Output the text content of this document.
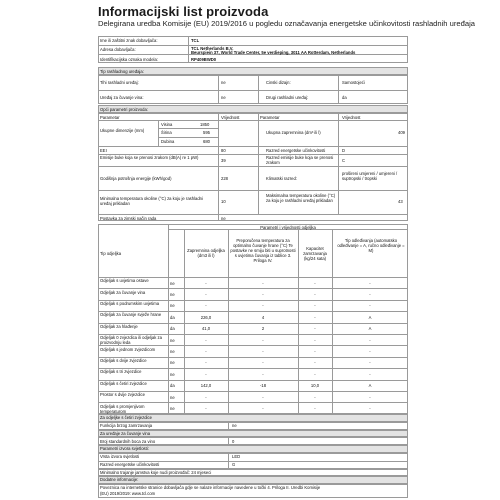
Informacijski list proizvoda
Delegirana uredba Komisije (EU) 2019/2016 u pogledu označavanja energetske učinkovitosti rashladnih uređaja
Ime ili zaštitni znak dobavljača:	TCL
Adresa dobavljača:	TCL Netherlands B.V.
Beurspiein 37, World Trade Center, 5e verdieping, 3011 AA Rotterdam, Netherlands
Identifikacijska oznaka modela:	RP409BWD0
Tip rashladnog uređaja:
Tihi rashladni uređaj:	ne	Cinski dizajn:	Samostojeći
Uređaj za čuvanje vina:	ne	Drugi rashladni uređaj:	da
Opći parametri proizvoda:
Parametar	Vrijednost	Parametar	Vrijednost
Ukupne dimenzije (mm)
Visina	1850
Širina	595
Dubina	680
Ukupna zapremnina (dm³ ili l)	409
EEI	80	Razred energetske učinkovitosti	D
Emisije buke koja se prenosi zrakom (dB(A) re 1 pW)
39
Razred emisije buke koja se prenosi zrakom	C
Godišnja potrošnja energije (kWh/god)	228	Klimatski razred:
prošireni umjereni / umjereni / suptropski / tropski
Minimalna temperatura okoline (°C) za koju je rashladni uređaj prikladan	10
Maksimalna temperatura okoline (°C) za koju je rashladni uređaj prikladan	43
Postavka za zimski način rada	ne
Parametri i vrijednosti odjeljka
Tip odjeljka
Zapremnina odjeljka (dm3 ili l)
Preporučena temperatura za optimalno čuvanje hrane (°C) Te postavke ne smiju biti u suprotnosti s uvjetima čuvanja iz tablice 3. Priloga IV.
Kapacitet zamrzavanja (kg/24 sata)
Tip odleđivanja (automatsko odleđivanje = A, ručno odleđivanje = M)
Odjeljak s uvjetima ostave	ne	-	-	-	-
Odjeljak za čuvanje vina	ne	-	-	-	-
Odjeljak s podrumskim uvjetima	ne	-	-	-	-
Odjeljak za čuvanje svježe hrane	da	226,0	4	-	A
Odjeljak za hlađenje	da	41,0	2	-	A
Odjeljak 0 zvjezdica ili odjeljak za proizvodnju leda
ne	-	-	-	-
Odjeljak s jednom zvjezdicom	ne	-	-	-	-
Odjeljak s dvije zvjezdice	ne	-	-	-	-
Odjeljak s tri zvjezdice	ne	-	-	-	-
Odjeljak s četiri zvjezdice	da	142,0	-18	10,0	A
Prostor s dvije zvjezdice	ne	-	-	-	-
Odjeljak s promjenjivom temperaturom
ne	-	-	-	-
Za odjeljke s četiri zvjezdice
Funkcija brzog zamrzavanja	ne
Za uređaje za čuvanje vina
Broj standardnih boca za vino	0
Parametri izvora svjetlosti:
Vrsta izvora svjetlosti	LED
Razred energetske učinkovitosti	G
Minimalno trajanje jamstva koje nudi proizvođač: 24 mjeseci
Dodatne informacije:
Poveznica na internetske stranice dobavljača gdje se nalaze informacije navedene u točki 4. Priloga II. Uredbi Komisije
(EU) 2019/2019: www.tcl.com
